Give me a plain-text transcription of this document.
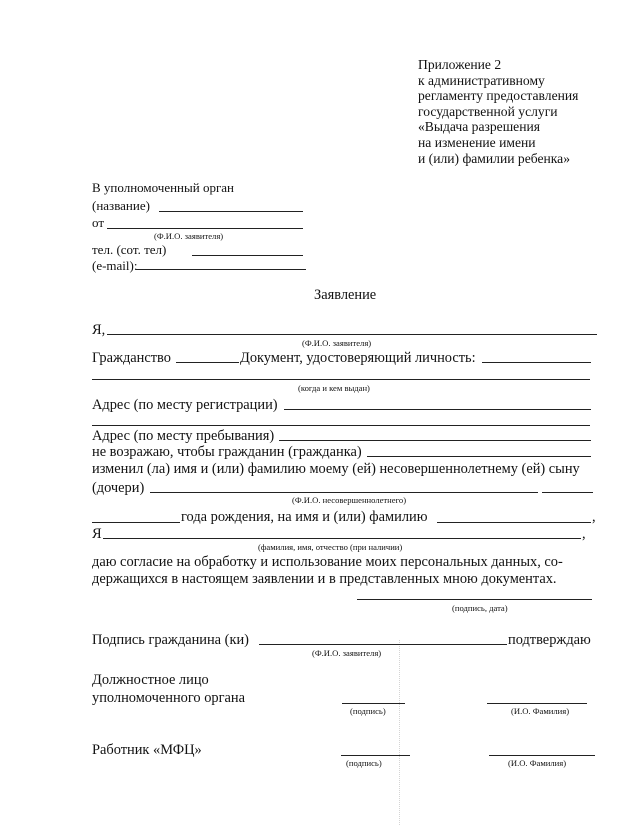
Приложение 2
к административному
регламенту предоставления
государственной услуги
«Выдача разрешения
на изменение имени
и (или) фамилии ребенка»
В уполномоченный орган
(название)
от
(Ф.И.О. заявителя)
тел. (сот. тел)
(e-mail):
Заявление
Я,
(Ф.И.О. заявителя)
Гражданство	Документ, удостоверяющий личность:
(когда и кем выдан)
Адрес (по месту регистрации)
Адрес (по месту пребывания)
не возражаю, чтобы гражданин (гражданка)
изменил (ла) имя и (или) фамилию моему (ей) несовершеннолетнему (ей) сыну
(дочери)
(Ф.И.О. несовершеннолетнего)
года рождения, на имя и (или) фамилию	,
Я	,
(фамилия, имя, отчество (при наличии)
даю согласие на обработку и использование моих персональных данных, со-
держащихся в настоящем заявлении и в представленных мною документах.
(подпись, дата)
Подпись гражданина (ки)	подтверждаю
(Ф.И.О. заявителя)
Должностное лицо
уполномоченного органа
(подпись)	(И.О. Фамилия)
Работник «МФЦ»
(подпись)	(И.О. Фамилия)
